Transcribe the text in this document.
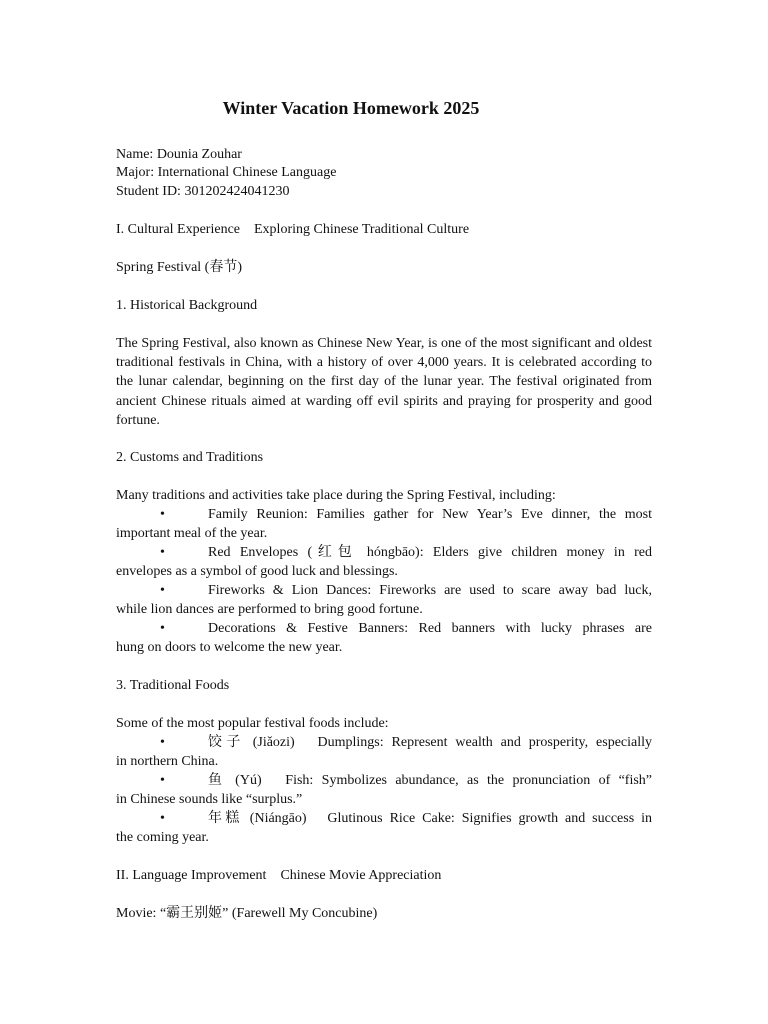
Winter Vacation Homework 2025
Name: Dounia Zouhar
Major: International Chinese Language
Student ID: 301202424041230
I. Cultural Experience　Exploring Chinese Traditional Culture
Spring Festival (春节)
1. Historical Background
The Spring Festival, also known as Chinese New Year, is one of the most significant and oldest traditional festivals in China, with a history of over 4,000 years. It is celebrated according to the lunar calendar, beginning on the first day of the lunar year. The festival originated from ancient Chinese rituals aimed at warding off evil spirits and praying for prosperity and good fortune.
2. Customs and Traditions
Many traditions and activities take place during the Spring Festival, including:
•	Family Reunion: Families gather for New Year’s Eve dinner, the most
important meal of the year.
•	Red Envelopes (红包 hóngbāo): Elders give children money in red
envelopes as a symbol of good luck and blessings.
•	Fireworks & Lion Dances: Fireworks are used to scare away bad luck,
while lion dances are performed to bring good fortune.
•	Decorations & Festive Banners: Red banners with lucky phrases are
hung on doors to welcome the new year.
3. Traditional Foods
Some of the most popular festival foods include:
•	饺子 (Jiǎozi)　Dumplings: Represent wealth and prosperity, especially
in northern China.
•	鱼 (Yú)　Fish: Symbolizes abundance, as the pronunciation of “fish”
in Chinese sounds like “surplus.”
•	年糕 (Niángāo)　Glutinous Rice Cake: Signifies growth and success in
the coming year.
II. Language Improvement　Chinese Movie Appreciation
Movie: “霸王别姬” (Farewell My Concubine)
